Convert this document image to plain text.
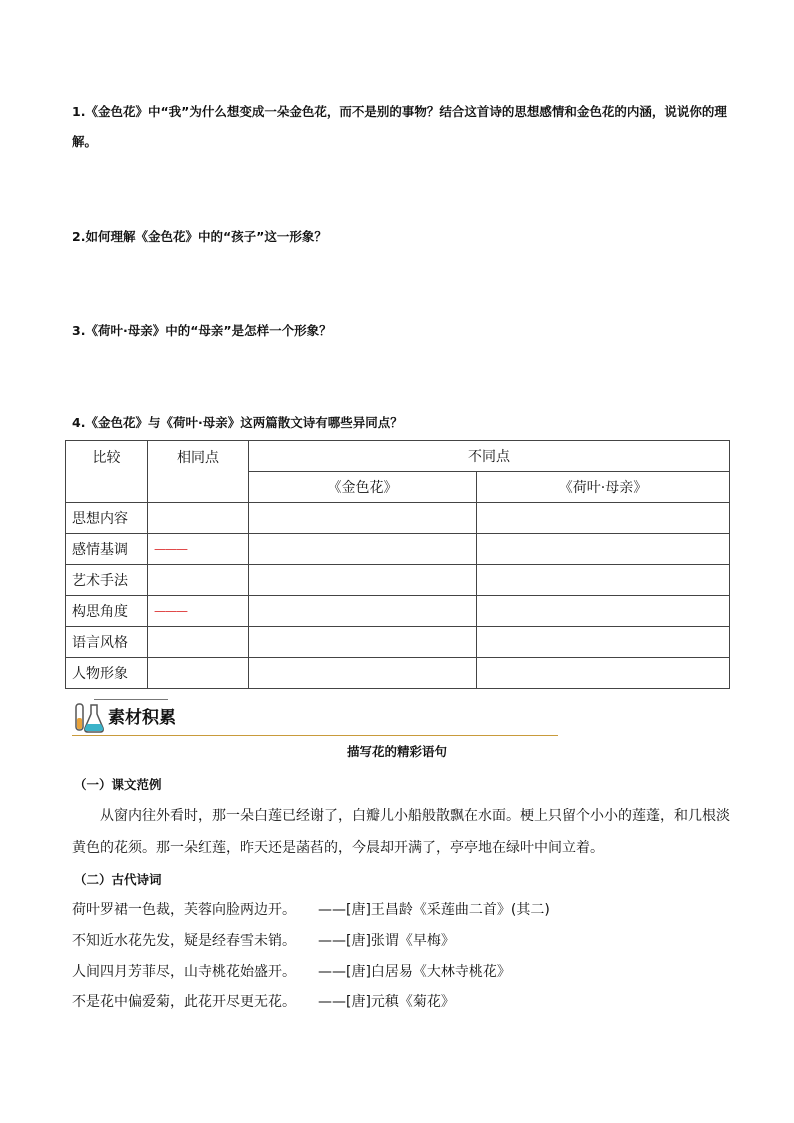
1.《金色花》中“我”为什么想变成一朵金色花，而不是别的事物？结合这首诗的思想感情和金色花的内涵，说说你的理解。
2.如何理解《金色花》中的“孩子”这一形象？
3.《荷叶·母亲》中的“母亲”是怎样一个形象？
4.《金色花》与《荷叶·母亲》这两篇散文诗有哪些异同点？
比较	相同点	不同点	
		《金色花》	《荷叶·母亲》
思想内容			
感情基调	———		
艺术手法			
构思角度	———		
语言风格			
人物形象			
素材积累
描写花的精彩语句
（一）课文范例
从窗内往外看时，那一朵白莲已经谢了，白瓣儿小船般散飘在水面。梗上只留个小小的莲蓬，和几根淡黄色的花须。那一朵红莲，昨天还是菡萏的，今晨却开满了，亭亭地在绿叶中间立着。
（二）古代诗词
荷叶罗裙一色裁，芙蓉向脸两边开。 ——[唐]王昌龄《采莲曲二首》(其二)
不知近水花先发，疑是经春雪未销。 ——[唐]张谓《早梅》
人间四月芳菲尽，山寺桃花始盛开。 ——[唐]白居易《大林寺桃花》
不是花中偏爱菊，此花开尽更无花。 ——[唐]元稹《菊花》
